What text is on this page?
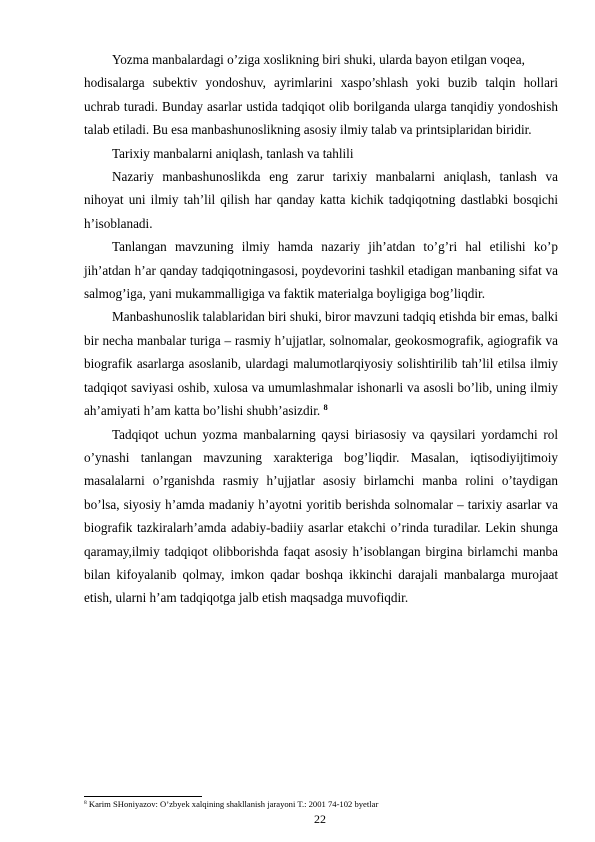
Yozma manbalardagi o’ziga xoslikning biri shuki, ularda bayon etilgan voqea,

hodisalarga subektiv yondoshuv, ayrimlarini xaspo’shlash yoki buzib talqin hollari uchrab turadi. Bunday asarlar ustida tadqiqot olib borilganda ularga tanqidiy yondoshish talab etiladi. Bu esa manbashunoslikning asosiy ilmiy talab va printsiplaridan biridir.

Tarixiy manbalarni aniqlash, tanlash va tahlili

Nazariy manbashunoslikda eng zarur tarixiy manbalarni aniqlash, tanlash va nihoyat uni ilmiy tah’lil qilish har qanday katta kichik tadqiqotning dastlabki bosqichi h’isoblanadi.

Tanlangan mavzuning ilmiy hamda nazariy jih’atdan to’g’ri hal etilishi ko’p jih’atdan h’ar qanday tadqiqotningasosi, poydevorini tashkil etadigan manbaning sifat va salmog’iga, yani mukammalligiga va faktik materialga boyligiga bog’liqdir.

Manbashunoslik talablaridan biri shuki, biror mavzuni tadqiq etishda bir emas, balki bir necha manbalar turiga – rasmiy h’ujjatlar, solnomalar, geokosmografik, agiografik va biografik asarlarga asoslanib, ulardagi malumotlarqiyosiy solishtirilib tah’lil etilsa ilmiy tadqiqot saviyasi oshib, xulosa va umumlashmalar ishonarli va asosli bo’lib, uning ilmiy ah’amiyati h’am katta bo’lishi shubh’asizdir. $^8$

Tadqiqot uchun yozma manbalarning qaysi biriasosiy va qaysilari yordamchi rol o’ynashi tanlangan mavzuning xarakteriga bog’liqdir. Masalan, iqtisodiyijtimoiy masalalarni o’rganishda rasmiy h’ujjatlar asosiy birlamchi manba rolini o’taydigan bo’lsa, siyosiy h’amda madaniy h’ayotni yoritib berishda solnomalar – tarixiy asarlar va biografik tazkiralarh’amda adabiy-badiiy asarlar etakchi o’rinda turadilar. Lekin shunga qaramay,ilmiy tadqiqot olibborishda faqat asosiy h’isoblangan birgina birlamchi manba bilan kifoyalanib qolmay, imkon qadar boshqa ikkinchi darajali manbalarga murojaat etish, ularni h’am tadqiqotga jalb etish maqsadga muvofiqdir.

$^8$ Karim SHoniyazov: O’zbyek xalqining shakllanish jarayoni T.: 2001 74-102 byetlar
22
